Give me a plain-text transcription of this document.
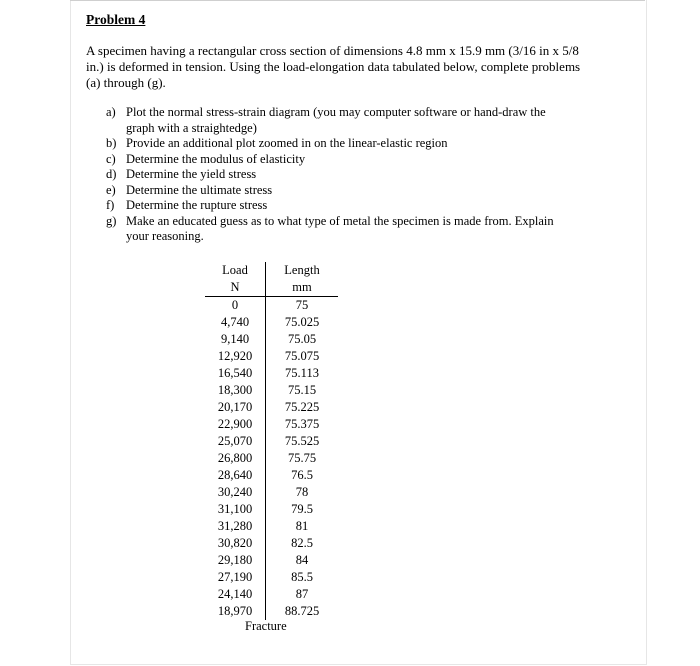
Problem 4
A specimen having a rectangular cross section of dimensions 4.8 mm x 15.9 mm (3/16 in x 5/8
in.) is deformed in tension. Using the load-elongation data tabulated below, complete problems
(a) through (g).
a) Plot the normal stress-strain diagram (you may computer software or hand-draw the
graph with a straightedge)
b) Provide an additional plot zoomed in on the linear-elastic region
c) Determine the modulus of elasticity
d) Determine the yield stress
e) Determine the ultimate stress
f) Determine the rupture stress
g) Make an educated guess as to what type of metal the specimen is made from. Explain
your reasoning.
Load	Length
N	mm
0	75
4,740	75.025
9,140	75.05
12,920	75.075
16,540	75.113
18,300	75.15
20,170	75.225
22,900	75.375
25,070	75.525
26,800	75.75
28,640	76.5
30,240	78
31,100	79.5
31,280	81
30,820	82.5
29,180	84
27,190	85.5
24,140	87
18,970	88.725
Fracture
